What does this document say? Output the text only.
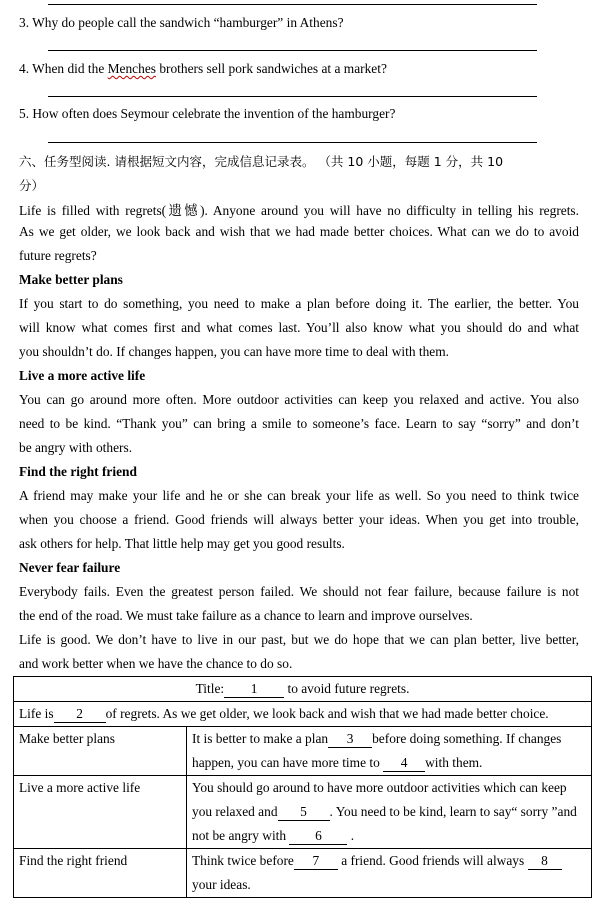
3. Why do people call the sandwich “hamburger” in Athens?
4. When did the Menches brothers sell pork sandwiches at a market?
5. How often does Seymour celebrate the invention of the hamburger?
六、任务型阅读. 请根据短文内容，完成信息记录表。 （共 10 小题，每题 1 分，共 10
分）
Life is filled with regrets(遗憾). Anyone around you will have no difficulty in telling his regrets.
As we get older, we look back and wish that we had made better choices. What can we do to avoid
future regrets?
Make better plans
If you start to do something, you need to make a plan before doing it. The earlier, the better. You
will know what comes first and what comes last. You’ll also know what you should do and what
you shouldn’t do. If changes happen, you can have more time to deal with them.
Live a more active life
You can go around more often. More outdoor activities can keep you relaxed and active. You also
need to be kind. “Thank you” can bring a smile to someone’s face. Learn to say “sorry” and don’t
be angry with others.
Find the right friend
A friend may make your life and he or she can break your life as well. So you need to think twice
when you choose a friend. Good friends will always better your ideas. When you get into trouble,
ask others for help. That little help may get you good results.
Never fear failure
Everybody fails. Even the greatest person failed. We should not fear failure, because failure is not
the end of the road. We must take failure as a chance to learn and improve ourselves.
Life is good. We don’t have to live in our past, but we do hope that we can plan better, live better,
and work better when we have the chance to do so.
Title: 1 to avoid future regrets.	
Life is 2 of regrets. As we get older, we look back and wish that we had made better choice.	
Make better plans	It is better to make a plan 3 before doing something. If changes
happen, you can have more time to 4 with them.
Live a more active life	You should go around to have more outdoor activities which can keep
you relaxed and 5 . You need to be kind, learn to say“ sorry ”and
not be angry with 6 .
Find the right friend	Think twice before 7 a friend. Good friends will always 8
your ideas.
